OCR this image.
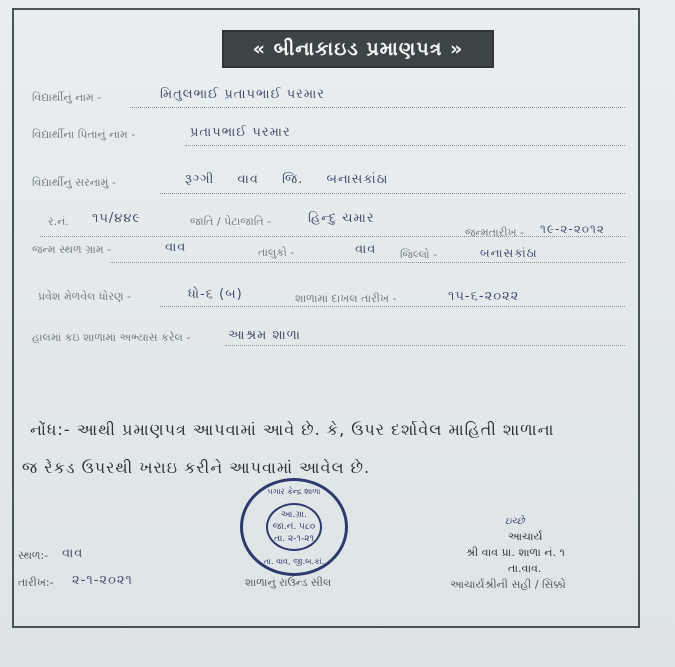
« બીનાકાઇડ પ્રમાણપત્ર »
વિદ્યાર્થીનું નામ -	મિતુલભાઈ પ્રતાપભાઈ પરમાર
વિદ્યાર્થીના પિતાનું નામ -	પ્રતાપભાઈ પરમાર
વિદ્યાર્થીનું સરનામું -	રૂગ્ગી વાવ જિ. બનાસકાંઠા
ર.નં. ૧૫/૪૪૯	જાતિ / પેટાજાતિ -	હિન્દુ ચમાર
જન્મતારીખ - ૧૯-૨-૨૦૧૨
જન્મ સ્થળ ગ્રામ -	વાવ	તાલુકો -	વાવ જિલ્લો -	બનાસકાંઠા
પ્રવેશ મેળવેલ ધોરણ -	ધો-૬ (બ)	શાળામાં દાખલ તારીખ -	૧૫-૬-૨૦૨૨
હાલમાં કઇ શાળામાં અભ્યાસ કરેલ -	આશ્રમ શાળા
નોંધ:- આથી પ્રમાણપત્ર આપવામાં આવે છે. કે, ઉપર દર્શાવેલ માહિતી શાળાના
જ રેકડ ઉપરથી ખરાઇ કરીને આપવામાં આવેલ છે.
પગાર કેન્દ્ર શાળા
આ.ગ્રા.
જા.નં. ૫૮૦
તા. ૨-૧-૨૧
તા. વાવ, જી.બ.કાં.
સ્થળ:- વાવ
તારીખ:- ૨-૧-૨૦૨૧	શાળાનું રાઉન્ડ સીલ
ઇચ્છે
આચાર્ય
શ્રી વાવ પ્રા. શાળા નં. ૧
તા.વાવ.
આચાર્યશ્રીની સહી / સિક્કો
